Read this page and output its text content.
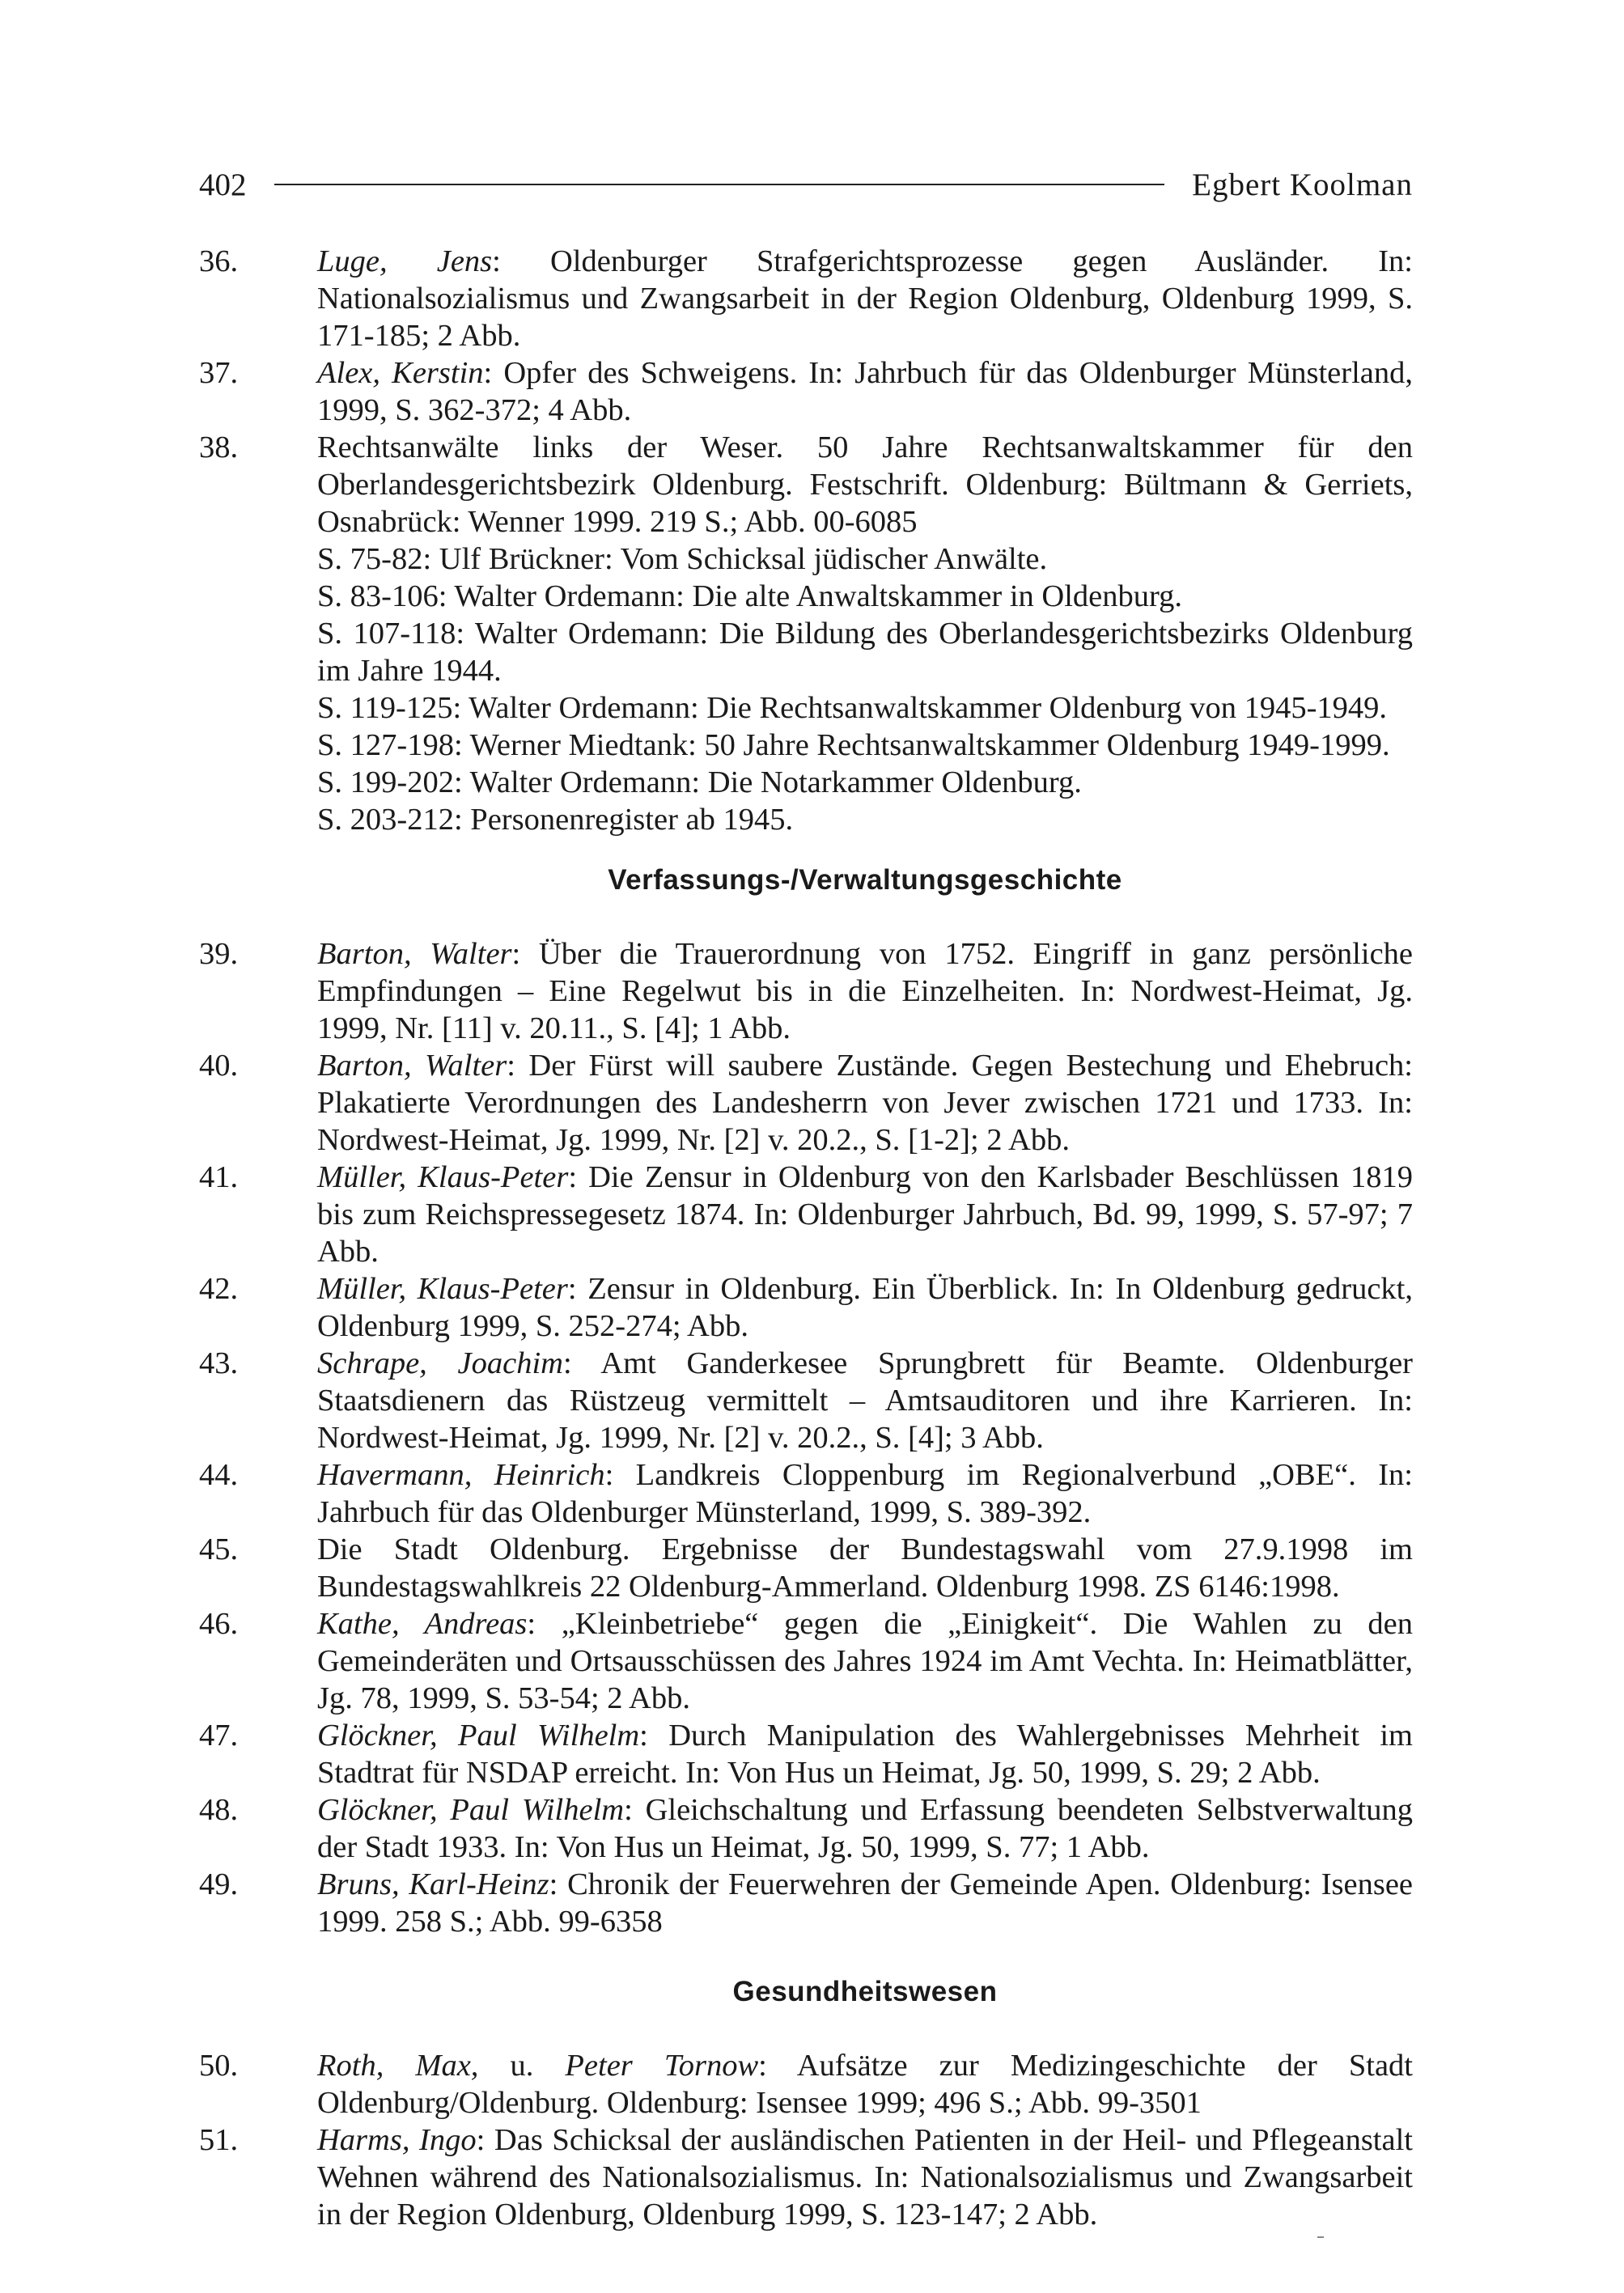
402	Egbert Koolman
36.	Luge, Jens: Oldenburger Strafgerichtsprozesse gegen Ausländer. In: Nationalsozialismus und Zwangsarbeit in der Region Oldenburg, Oldenburg 1999, S. 171-185; 2 Abb.
37.	Alex, Kerstin: Opfer des Schweigens. In: Jahrbuch für das Oldenburger Münsterland, 1999, S. 362-372; 4 Abb.
38.	Rechtsanwälte links der Weser. 50 Jahre Rechtsanwaltskammer für den Oberlandesgerichtsbezirk Oldenburg. Festschrift. Oldenburg: Bültmann & Gerriets, Osnabrück: Wenner 1999. 219 S.; Abb. 00-6085
S. 75-82: Ulf Brückner: Vom Schicksal jüdischer Anwälte.
S. 83-106: Walter Ordemann: Die alte Anwaltskammer in Oldenburg.
S. 107-118: Walter Ordemann: Die Bildung des Oberlandesgerichtsbezirks Oldenburg im Jahre 1944.
S. 119-125: Walter Ordemann: Die Rechtsanwaltskammer Oldenburg von 1945-1949.
S. 127-198: Werner Miedtank: 50 Jahre Rechtsanwaltskammer Oldenburg 1949-1999.
S. 199-202: Walter Ordemann: Die Notarkammer Oldenburg.
S. 203-212: Personenregister ab 1945.
Verfassungs-/Verwaltungsgeschichte
39.	Barton, Walter: Über die Trauerordnung von 1752. Eingriff in ganz persönliche Empfindungen – Eine Regelwut bis in die Einzelheiten. In: Nordwest-Heimat, Jg. 1999, Nr. [11] v. 20.11., S. [4]; 1 Abb.
40.	Barton, Walter: Der Fürst will saubere Zustände. Gegen Bestechung und Ehebruch: Plakatierte Verordnungen des Landesherrn von Jever zwischen 1721 und 1733. In: Nordwest-Heimat, Jg. 1999, Nr. [2] v. 20.2., S. [1-2]; 2 Abb.
41.	Müller, Klaus-Peter: Die Zensur in Oldenburg von den Karlsbader Beschlüssen 1819 bis zum Reichspressegesetz 1874. In: Oldenburger Jahrbuch, Bd. 99, 1999, S. 57-97; 7 Abb.
42.	Müller, Klaus-Peter: Zensur in Oldenburg. Ein Überblick. In: In Oldenburg gedruckt, Oldenburg 1999, S. 252-274; Abb.
43.	Schrape, Joachim: Amt Ganderkesee Sprungbrett für Beamte. Oldenburger Staatsdienern das Rüstzeug vermittelt – Amtsauditoren und ihre Karrieren. In: Nordwest-Heimat, Jg. 1999, Nr. [2] v. 20.2., S. [4]; 3 Abb.
44.	Havermann, Heinrich: Landkreis Cloppenburg im Regionalverbund „OBE“. In: Jahrbuch für das Oldenburger Münsterland, 1999, S. 389-392.
45.	Die Stadt Oldenburg. Ergebnisse der Bundestagswahl vom 27.9.1998 im Bundestagswahlkreis 22 Oldenburg-Ammerland. Oldenburg 1998. ZS 6146:1998.
46.	Kathe, Andreas: „Kleinbetriebe“ gegen die „Einigkeit“. Die Wahlen zu den Gemeinderäten und Ortsausschüssen des Jahres 1924 im Amt Vechta. In: Heimatblätter, Jg. 78, 1999, S. 53-54; 2 Abb.
47.	Glöckner, Paul Wilhelm: Durch Manipulation des Wahlergebnisses Mehrheit im Stadtrat für NSDAP erreicht. In: Von Hus un Heimat, Jg. 50, 1999, S. 29; 2 Abb.
48.	Glöckner, Paul Wilhelm: Gleichschaltung und Erfassung beendeten Selbstverwaltung der Stadt 1933. In: Von Hus un Heimat, Jg. 50, 1999, S. 77; 1 Abb.
49.	Bruns, Karl-Heinz: Chronik der Feuerwehren der Gemeinde Apen. Oldenburg: Isensee 1999. 258 S.; Abb. 99-6358
Gesundheitswesen
50.	Roth, Max, u. Peter Tornow: Aufsätze zur Medizingeschichte der Stadt Oldenburg/Oldenburg. Oldenburg: Isensee 1999; 496 S.; Abb. 99-3501
51.	Harms, Ingo: Das Schicksal der ausländischen Patienten in der Heil- und Pflegeanstalt Wehnen während des Nationalsozialismus. In: Nationalsozialismus und Zwangsarbeit in der Region Oldenburg, Oldenburg 1999, S. 123-147; 2 Abb.
